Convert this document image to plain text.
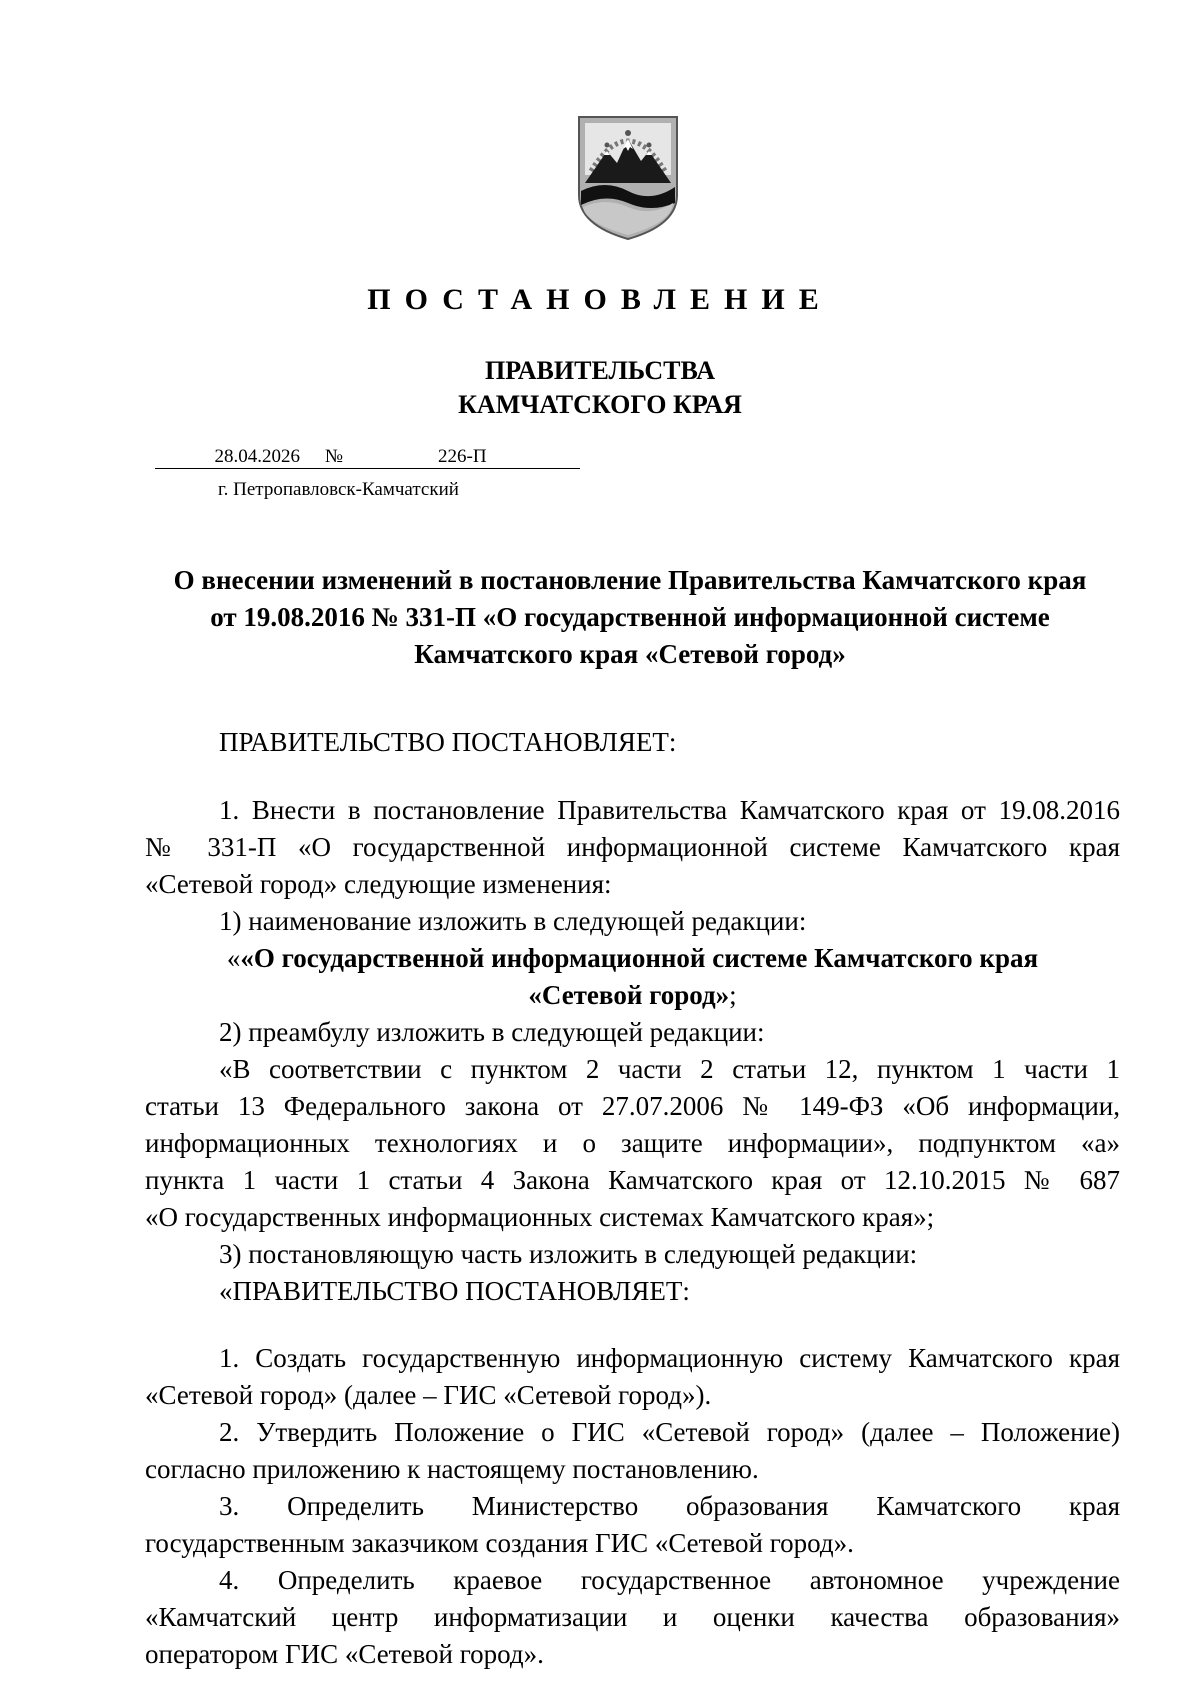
ПОСТАНОВЛЕНИЕ
ПРАВИТЕЛЬСТВА
КАМЧАТСКОГО КРАЯ
28.04.2026	№	226-П
г. Петропавловск-Камчатский
О внесении изменений в постановление Правительства Камчатского края
от 19.08.2016 № 331-П «О государственной информационной системе
Камчатского края «Сетевой город»
ПРАВИТЕЛЬСТВО ПОСТАНОВЛЯЕТ:
1. Внести в постановление Правительства Камчатского края от 19.08.2016
№ 331-П «О государственной информационной системе Камчатского края
«Сетевой город» следующие изменения:
1) наименование изложить в следующей редакции:
««О государственной информационной системе Камчатского края
«Сетевой город»;
2) преамбулу изложить в следующей редакции:
«В соответствии с пунктом 2 части 2 статьи 12, пунктом 1 части 1
статьи 13 Федерального закона от 27.07.2006 № 149-ФЗ «Об информации,
информационных технологиях и о защите информации», подпунктом «а»
пункта 1 части 1 статьи 4 Закона Камчатского края от 12.10.2015 № 687
«О государственных информационных системах Камчатского края»;
3) постановляющую часть изложить в следующей редакции:
«ПРАВИТЕЛЬСТВО ПОСТАНОВЛЯЕТ:
1. Создать государственную информационную систему Камчатского края
«Сетевой город» (далее – ГИС «Сетевой город»).
2. Утвердить Положение о ГИС «Сетевой город» (далее – Положение)
согласно приложению к настоящему постановлению.
3. Определить Министерство образования Камчатского края
государственным заказчиком создания ГИС «Сетевой город».
4. Определить краевое государственное автономное учреждение
«Камчатский центр информатизации и оценки качества образования»
оператором ГИС «Сетевой город».
